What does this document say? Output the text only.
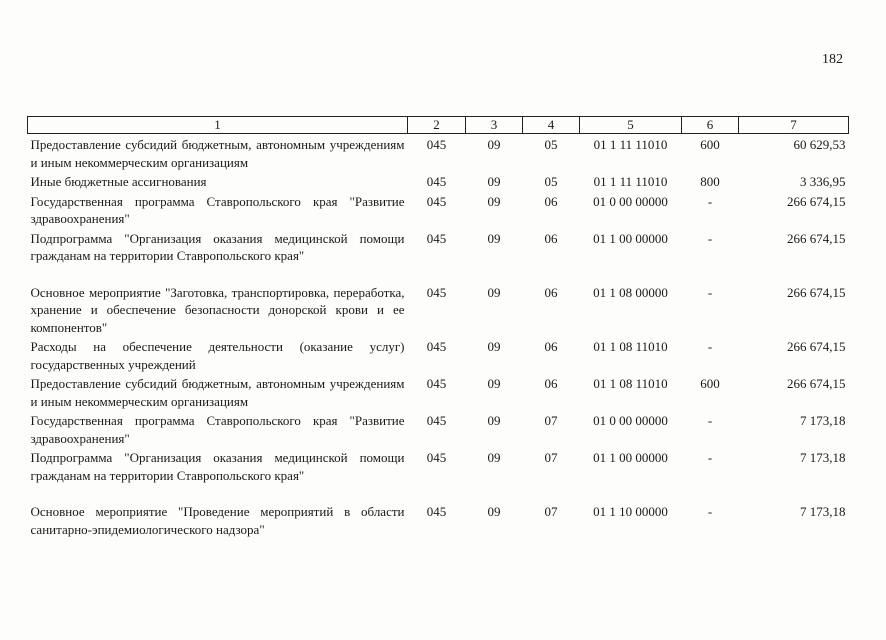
182
1	2	3	4	5	6	7
Предоставление субсидий бюджетным, автономным учреждениям и иным некоммерческим организациям	045	09	05	01 1 11 11010	600	60 629,53
Иные бюджетные ассигнования	045	09	05	01 1 11 11010	800	3 336,95
Государственная программа Ставропольского края "Развитие здравоохранения"	045	09	06	01 0 00 00000	-	266 674,15
Подпрограмма "Организация оказания медицинской помощи гражданам на территории Ставропольского края"	045	09	06	01 1 00 00000	-	266 674,15
Основное мероприятие "Заготовка, транспортировка, переработка, хранение и обеспечение безопасности донорской крови и ее компонентов"	045	09	06	01 1 08 00000	-	266 674,15
Расходы на обеспечение деятельности (оказание услуг) государственных учреждений	045	09	06	01 1 08 11010	-	266 674,15
Предоставление субсидий бюджетным, автономным учреждениям и иным некоммерческим организациям	045	09	06	01 1 08 11010	600	266 674,15
Государственная программа Ставропольского края "Развитие здравоохранения"	045	09	07	01 0 00 00000	-	7 173,18
Подпрограмма "Организация оказания медицинской помощи гражданам на территории Ставропольского края"	045	09	07	01 1 00 00000	-	7 173,18
Основное мероприятие "Проведение мероприятий в области санитарно-эпидемиологического надзора"	045	09	07	01 1 10 00000	-	7 173,18
